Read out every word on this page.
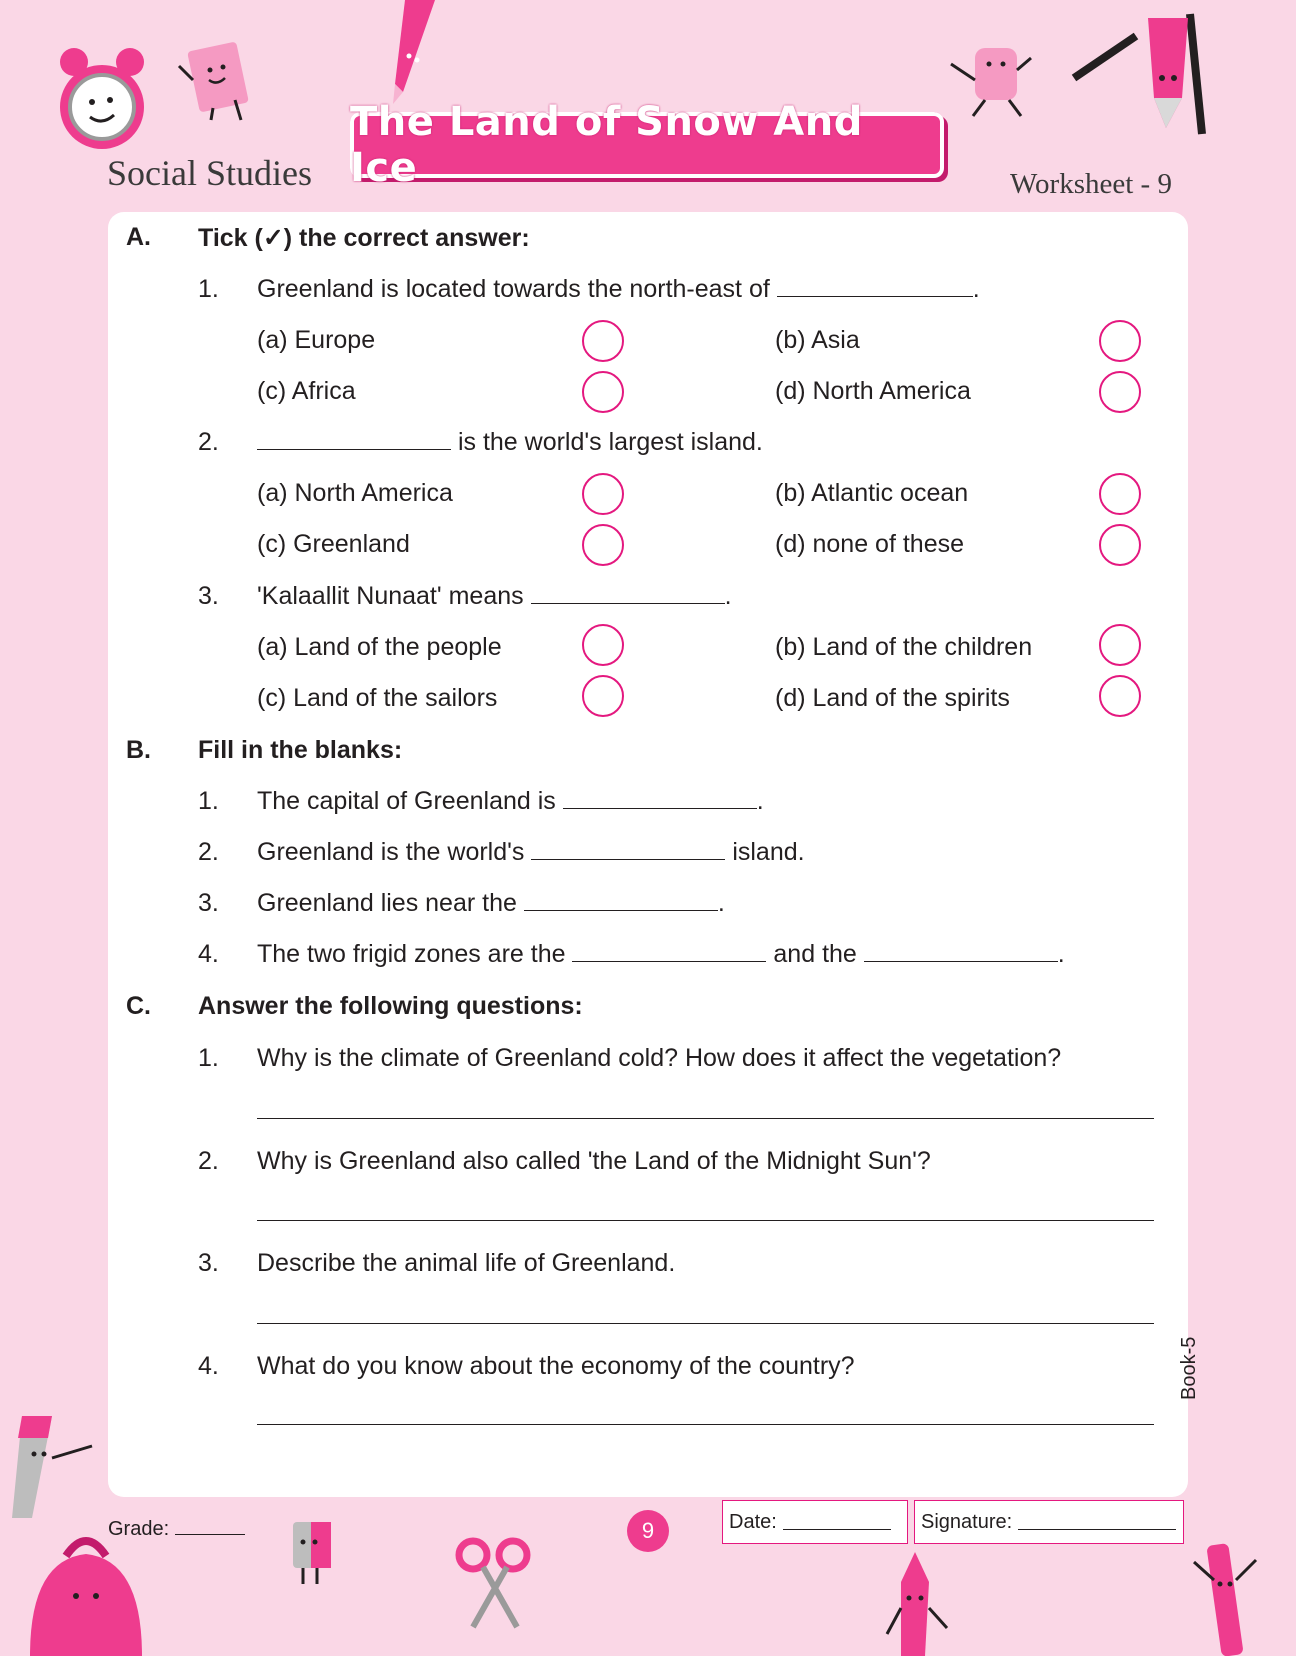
Social Studies
The Land of Snow And Ice	Worksheet - 9
A. Tick (✓) the correct answer:
1. Greenland is located towards the north-east of	.
(a) Europe	(b) Asia
(c) Africa	(d) North America
2.	is the world's largest island.
(a) North America	(b) Atlantic ocean
(c) Greenland	(d) none of these
3. 'Kalaallit Nunaat' means	.
(a) Land of the people	(b) Land of the children
(c) Land of the sailors	(d) Land of the spirits
B. Fill in the blanks:
1. The capital of Greenland is	.
2. Greenland is the world's	island.
3. Greenland lies near the	.
4. The two frigid zones are the	and the	.
C. Answer the following questions:
1. Why is the climate of Greenland cold? How does it affect the vegetation?
2. Why is Greenland also called 'the Land of the Midnight Sun'?
3. Describe the animal life of Greenland.
4. What do you know about the economy of the country?	Book-5
Grade:	9	Date:	Signature:
